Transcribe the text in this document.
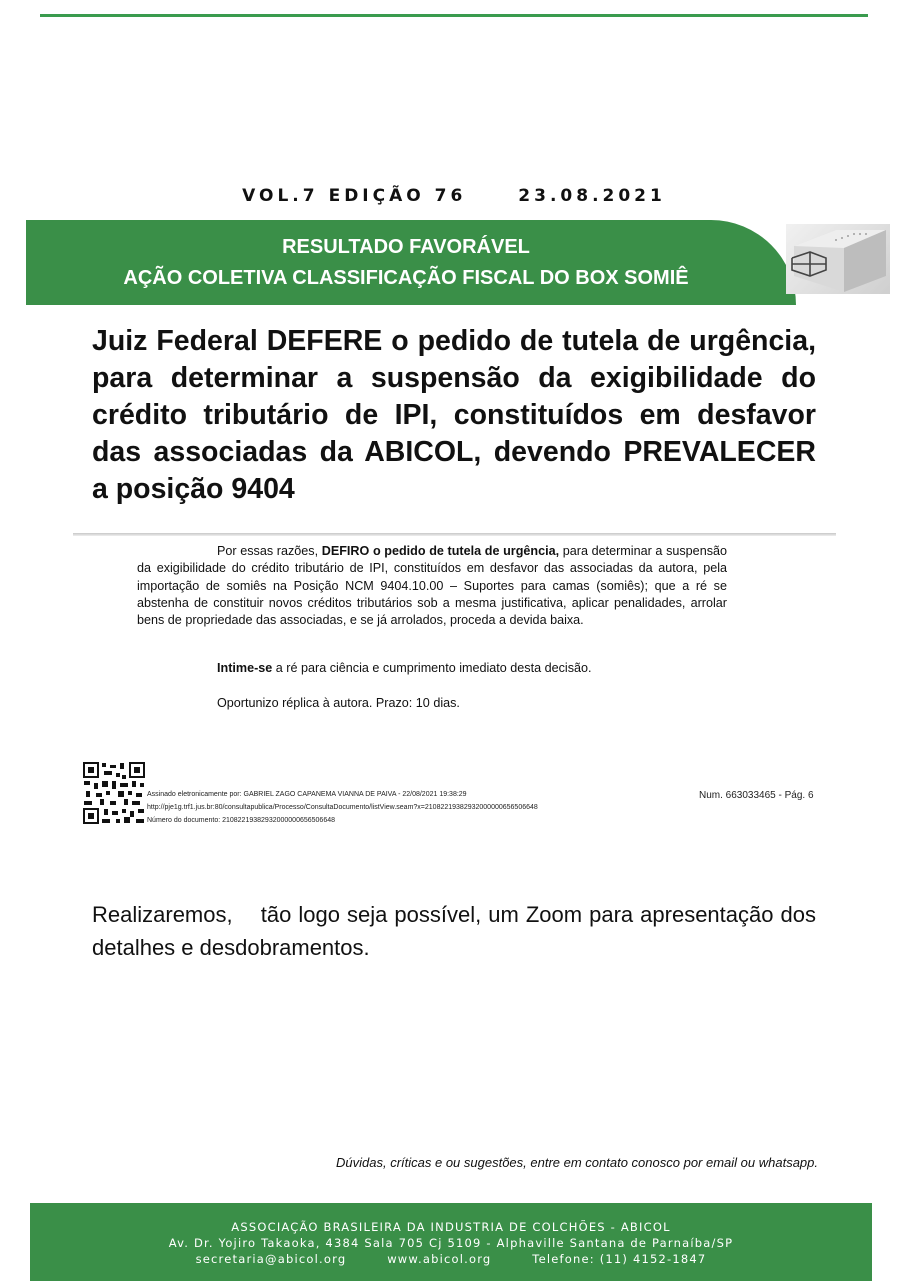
VOL.7 EDIÇÃO 76	23.08.2021
RESULTADO FAVORÁVEL
AÇÃO COLETIVA CLASSIFICAÇÃO FISCAL DO BOX SOMIÊ
Juiz Federal DEFERE o pedido de tutela de urgência, para determinar a suspensão da exigibilidade do crédito tributário de IPI, constituídos em desfavor das associadas da ABICOL, devendo PREVALECER a posição 9404
Por essas razões, DEFIRO o pedido de tutela de urgência, para determinar a suspensão da exigibilidade do crédito tributário de IPI, constituídos em desfavor das associadas da autora, pela importação de somiês na Posição NCM 9404.10.00 – Suportes para camas (somiês); que a ré se abstenha de constituir novos créditos tributários sob a mesma justificativa, aplicar penalidades, arrolar bens de propriedade das associadas, e se já arrolados, proceda a devida baixa.
Intime-se a ré para ciência e cumprimento imediato desta decisão.
Oportunizo réplica à autora. Prazo: 10 dias.
Assinado eletronicamente por: GABRIEL ZAGO CAPANEMA VIANNA DE PAIVA - 22/08/2021 19:38:29
http://pje1g.trf1.jus.br:80/consultapublica/Processo/ConsultaDocumento/listView.seam?x=21082219382932000000656506648
Número do documento: 21082219382932000000656506648
Num. 663033465 - Pág. 6
Realizaremos,    tão logo seja possível, um Zoom para apresentação dos detalhes e desdobramentos.
Dúvidas, críticas e ou sugestões, entre em contato conosco por email ou whatsapp.
ASSOCIAÇÃO BRASILEIRA DA INDUSTRIA DE COLCHÕES - ABICOL
Av. Dr. Yojiro Takaoka, 4384 Sala 705 Cj 5109 - Alphaville Santana de Parnaíba/SP
secretaria@abicol.org	www.abicol.org	Telefone: (11) 4152-1847
